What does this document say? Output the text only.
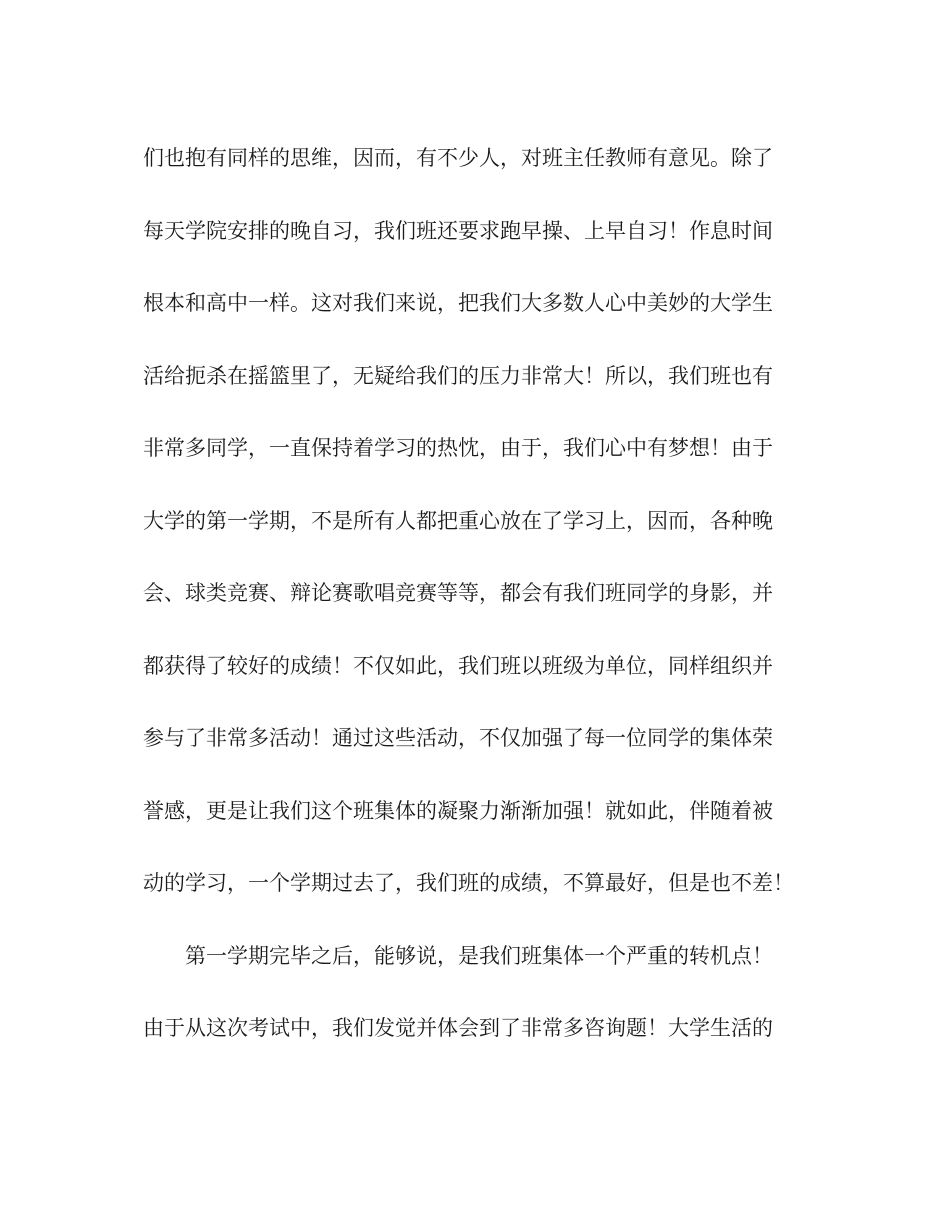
们也抱有同样的思维，因而，有不少人，对班主任教师有意见。除了
每天学院安排的晚自习，我们班还要求跑早操、上早自习！作息时间
根本和高中一样。这对我们来说，把我们大多数人心中美妙的大学生
活给扼杀在摇篮里了，无疑给我们的压力非常大！所以，我们班也有
非常多同学，一直保持着学习的热忱，由于，我们心中有梦想！由于
大学的第一学期，不是所有人都把重心放在了学习上，因而，各种晚
会、球类竞赛、辩论赛歌唱竞赛等等，都会有我们班同学的身影，并
都获得了较好的成绩！不仅如此，我们班以班级为单位，同样组织并
参与了非常多活动！通过这些活动，不仅加强了每一位同学的集体荣
誉感，更是让我们这个班集体的凝聚力渐渐加强！就如此，伴随着被
动的学习，一个学期过去了，我们班的成绩，不算最好，但是也不差！
第一学期完毕之后，能够说，是我们班集体一个严重的转机点！
由于从这次考试中，我们发觉并体会到了非常多咨询题！大学生活的
